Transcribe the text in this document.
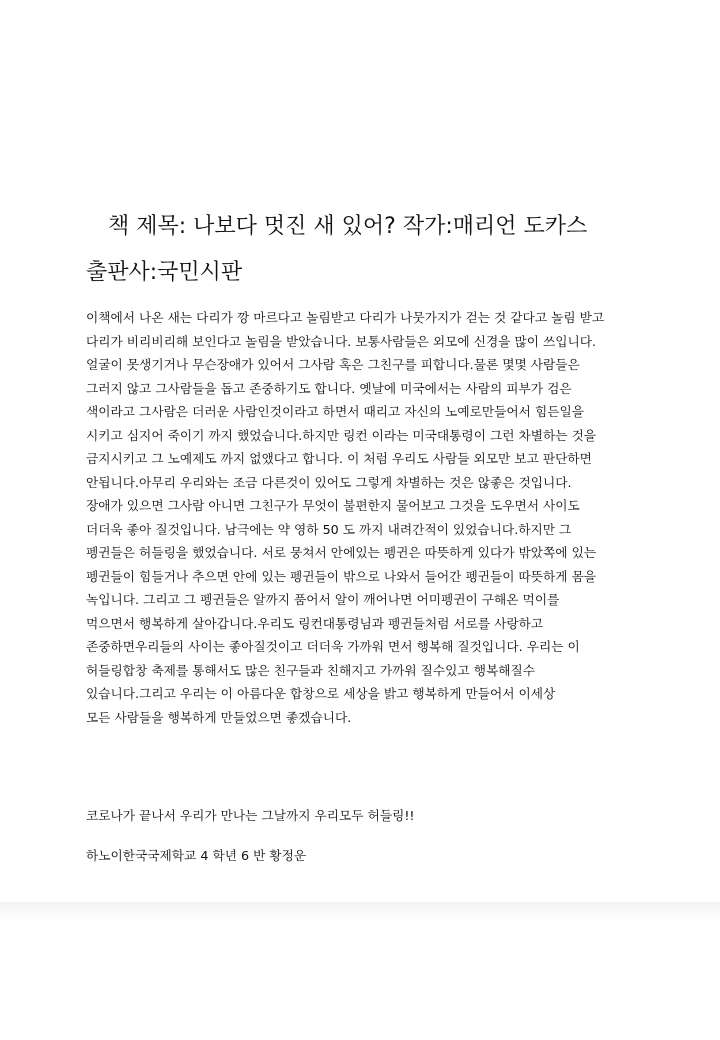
책 제목: 나보다 멋진 새 있어? 작가:매리언 도카스
출판사:국민시판
이책에서 나온 새는 다리가 깡 마르다고 놀림받고 다리가 나뭇가지가 걷는 것 같다고 놀림 받고
다리가 비리비리해 보인다고 놀림을 받았습니다. 보통사람들은 외모에 신경을 많이 쓰입니다.
얼굴이 못생기거나 무슨장애가 있어서 그사람 혹은 그친구를 피합니다.물론 몇몇 사람들은
그러지 않고 그사람들을 돕고 존중하기도 합니다. 옛날에 미국에서는 사람의 피부가 검은
색이라고 그사람은 더러운 사람인것이라고 하면서 때리고 자신의 노예로만들어서 힘든일을
시키고 심지어 죽이기 까지 했었습니다.하지만 링컨 이라는 미국대통령이 그런 차별하는 것을
금지시키고 그 노예제도 까지 없앴다고 합니다. 이 처럼 우리도 사람들 외모만 보고 판단하면
안됩니다.아무리 우리와는 조금 다른것이 있어도 그렇게 차별하는 것은 않좋은 것입니다.
장애가 있으면 그사람 아니면 그친구가 무엇이 불편한지 물어보고 그것을 도우면서 사이도
더더욱 좋아 질것입니다. 남극에는 약 영하 50 도 까지 내려간적이 있었습니다.하지만 그
펭귄들은 허들링을 했었습니다. 서로 뭉쳐서 안에있는 펭귄은 따뜻하게 있다가 밖았쪽에 있는
펭귄들이 힘들거나 추으면 안에 있는 펭귄들이 밖으로 나와서 들어간 펭귄들이 따뜻하게 몸을
녹입니다. 그리고 그 펭귄들은 알까지 품어서 알이 깨어나면 어미펭귄이 구해온 먹이를
먹으면서 행복하게 살아갑니다.우리도 링컨대통령님과 펭귄들처럼 서로를 사랑하고
존중하면우리들의 사이는 좋아질것이고 더더욱 가까워 면서 행복해 질것입니다. 우리는 이
허들링합창 축제를 통해서도 많은 친구들과 친해지고 가까워 질수있고 행복해질수
있습니다.그리고 우리는 이 아름다운 합창으로 세상을 밝고 행복하게 만들어서 이세상
모든 사람들을 행복하게 만들었으면 좋겠습니다.

코로나가 끝나서 우리가 만나는 그날까지 우리모두 허들링!!

하노이한국국제학교 4 학년 6 반 황정운
